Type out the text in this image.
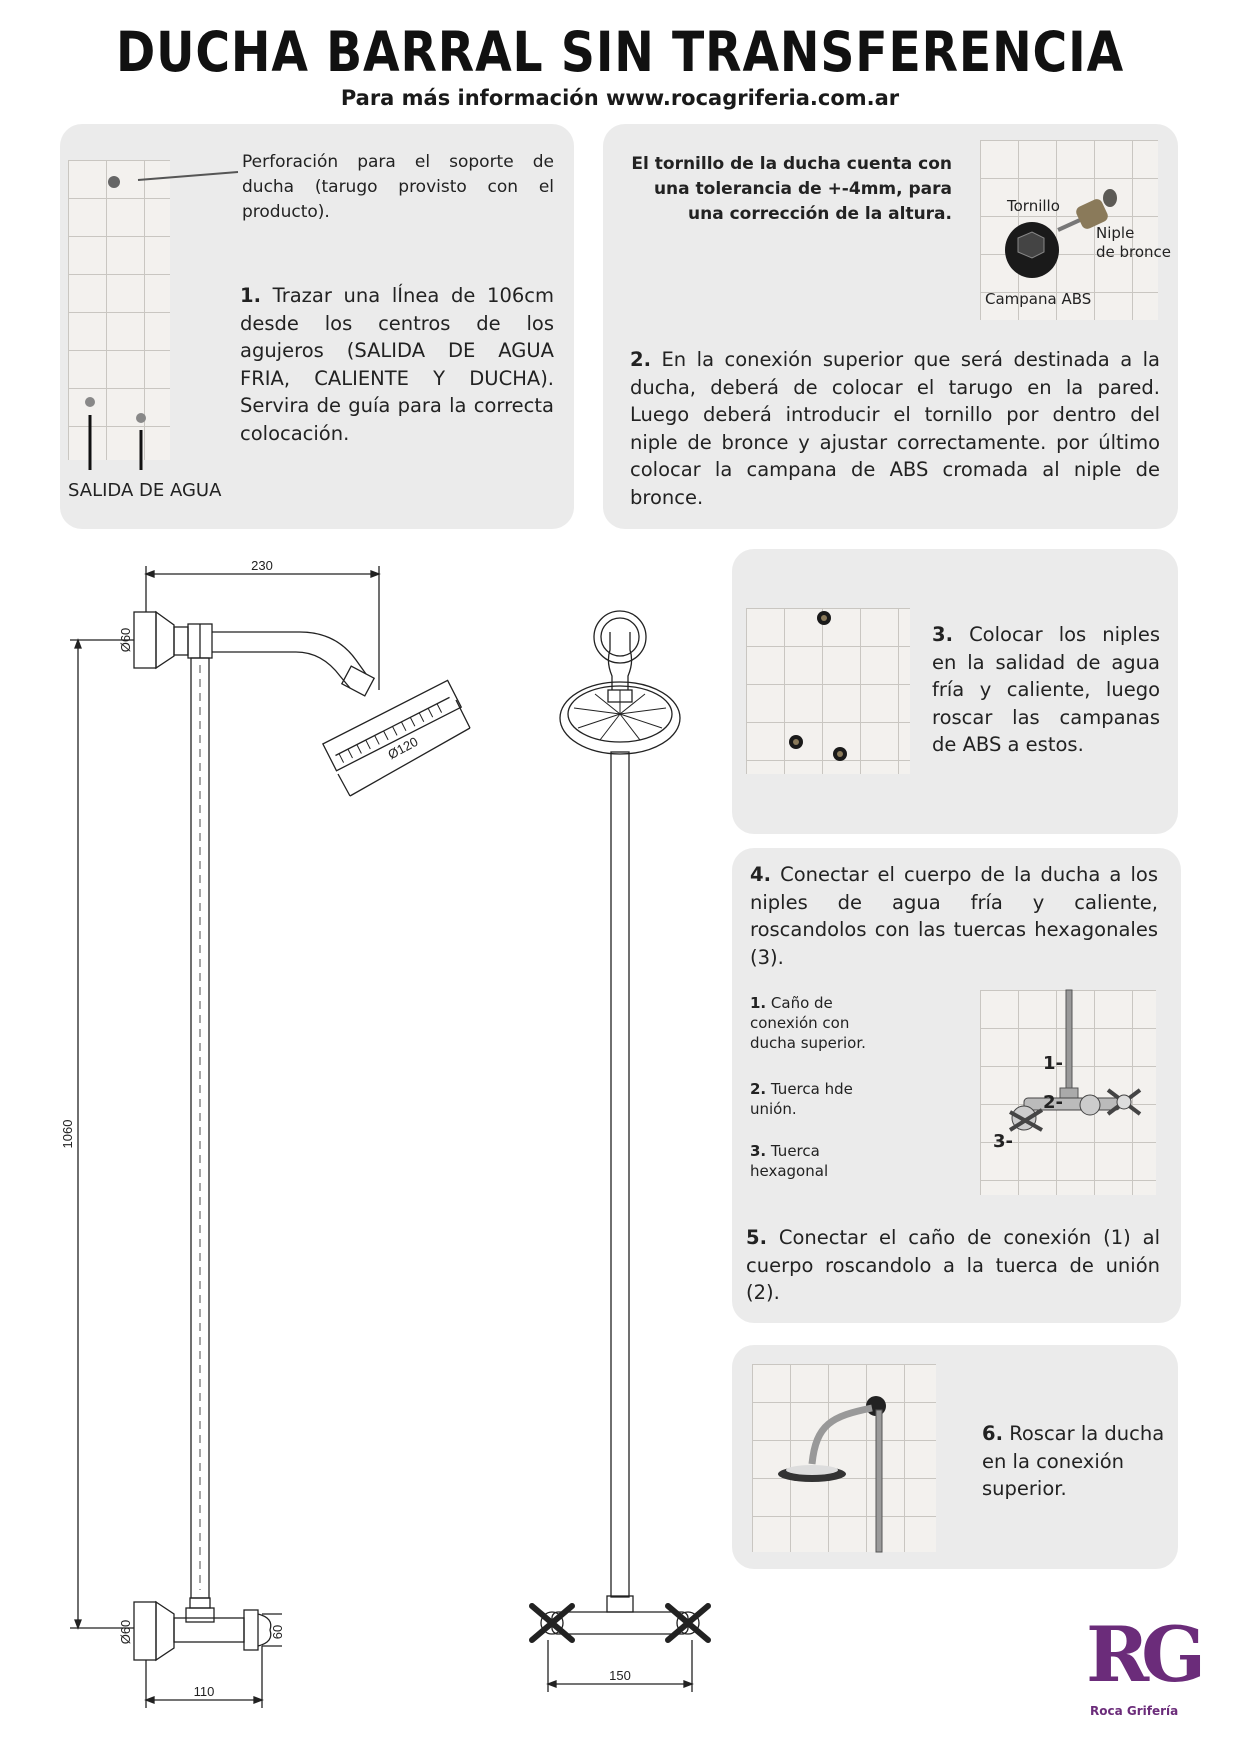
DUCHA BARRAL SIN TRANSFERENCIA
Para más información www.rocagriferia.com.ar
Perforación para el soporte de ducha (tarugo provisto con el producto).
1. Trazar una lÍnea de 106cm desde los centros de los agujeros (SALIDA DE AGUA FRIA, CALIENTE Y DUCHA). Servira de guía para la correcta colocación.
SALIDA DE AGUA
El tornillo de la ducha cuenta con una tolerancia de +-4mm, para una corrección de la altura.	Tornillo
Niple
de bronce
Campana ABS
2. En la conexión superior que será destinada a la ducha, deberá de colocar el tarugo en la pared. Luego deberá introducir el tornillo por dentro del niple de bronce y ajustar correctamente. por último colocar la campana de ABS cromada al niple de bronce.
3. Colocar los niples en la salidad de agua fría y caliente, luego roscar las campanas de ABS a estos.
4. Conectar el cuerpo de la ducha a los niples de agua fría y caliente, roscandolos con las tuercas hexagonales (3).
1. Caño de conexión con ducha superior.
2. Tuerca hde unión.
3. Tuerca hexagonal
1-
2-
3-
5. Conectar el caño de conexión (1) al cuerpo roscandolo a la tuerca de unión (2).
6. Roscar la ducha en la conexión superior.
230
Ø60
Ø120
1060
Ø60	60
110
150	RG
Roca Grifería
